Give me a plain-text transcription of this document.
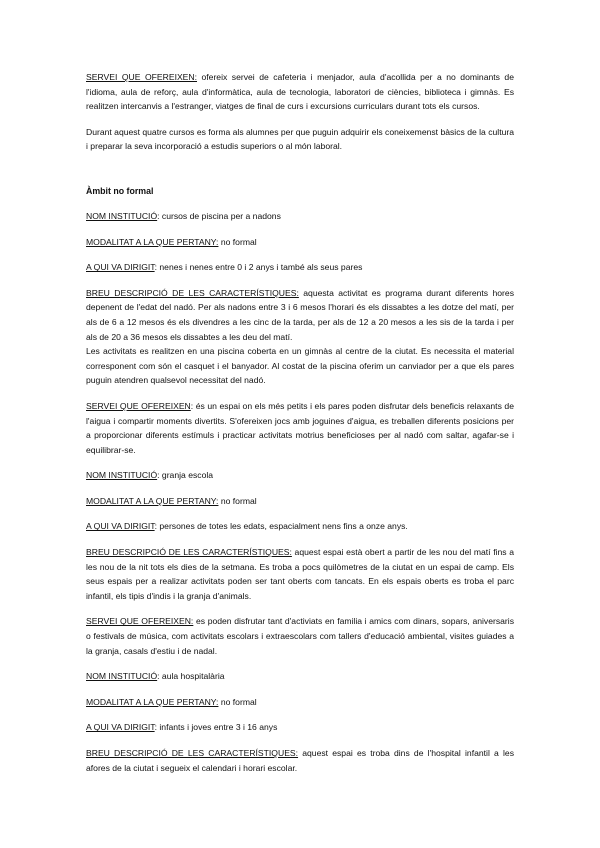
SERVEI QUE OFEREIXEN: ofereix servei de cafeteria i menjador, aula d'acollida per a no dominants de l'idioma, aula de reforç, aula d'informàtica, aula de tecnologia, laboratori de ciències, biblioteca i gimnàs. Es realitzen intercanvis a l'estranger, viatges de final de curs i excursions curriculars durant tots els cursos.

Durant aquest quatre cursos es forma als alumnes per que puguin adquirir els coneixemenst bàsics de la cultura i preparar la seva incorporació a estudis superiors o al món laboral.

Àmbit no formal

NOM INSTITUCIÓ: cursos de piscina per a nadons

MODALITAT A LA QUE PERTANY: no formal

A QUI VA DIRIGIT: nenes i nenes entre 0 i 2 anys i també als seus pares

BREU DESCRIPCIÓ DE LES CARACTERÍSTIQUES: aquesta activitat es programa durant diferents hores depenent de l'edat del nadó. Per als nadons entre 3 i 6 mesos l'horari és els dissabtes a les dotze del matí, per als de 6 a 12 mesos és els divendres a les cinc de la tarda, per als de 12 a 20 mesos a les sis de la tarda i per als de 20 a 36 mesos els dissabtes a les deu del matí.

Les activitats es realitzen en una piscina coberta en un gimnàs al centre de la ciutat. Es necessita el material corresponent com són el casquet i el banyador. Al costat de la piscina oferim un canviador per a que els pares puguin atendren qualsevol necessitat del nadó.

SERVEI QUE OFEREIXEN: és un espai on els més petits i els pares poden disfrutar dels beneficis relaxants de l'aigua i compartir moments divertits. S'ofereixen jocs amb joguines d'aigua, es treballen diferents posicions per a proporcionar diferents estímuls i practicar activitats motrius beneficioses per al nadó com saltar, agafar-se i equilibrar-se.

NOM INSTITUCIÓ: granja escola

MODALITAT A LA QUE PERTANY: no formal

A QUI VA DIRIGIT: persones de totes les edats, espacialment nens fins a onze anys.

BREU DESCRIPCIÓ DE LES CARACTERÍSTIQUES: aquest espai està obert a partir de les nou del matí fins a les nou de la nit tots els dies de la setmana. Es troba a pocs quilòmetres de la ciutat en un espai de camp. Els seus espais per a realizar activitats poden ser tant oberts com tancats. En els espais oberts es troba el parc infantil, els tipis d'indis i la granja d'animals.

SERVEI QUE OFEREIXEN: es poden disfrutar tant d'activiats en familia i amics com dinars, sopars, aniversaris o festivals de música, com activitats escolars i extraescolars com tallers d'educació ambiental, visites guiades a la granja, casals d'estiu i de nadal.

NOM INSTITUCIÓ: aula hospitalària

MODALITAT A LA QUE PERTANY: no formal

A QUI VA DIRIGIT: infants i joves entre 3 i 16 anys

BREU DESCRIPCIÓ DE LES CARACTERÍSTIQUES: aquest espai es troba dins de l'hospital infantil a les afores de la ciutat i segueix el calendari i horari escolar.
